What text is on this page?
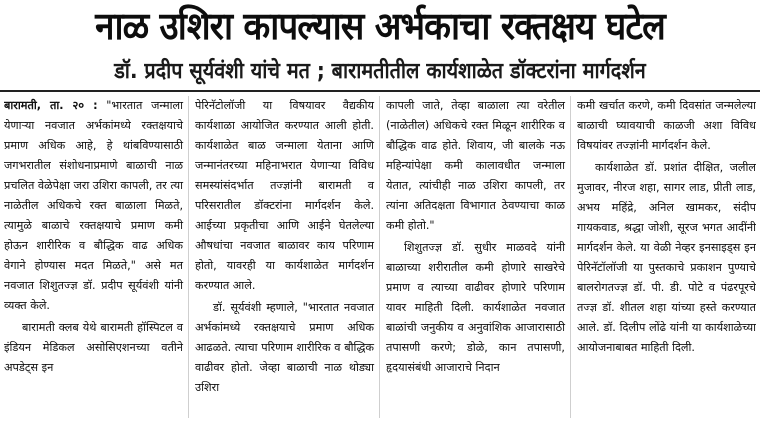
नाळ उशिरा कापल्यास अर्भकाचा रक्तक्षय घटेल
डॉ. प्रदीप सूर्यवंशी यांचे मत ; बारामतीतील कार्यशाळेत डॉक्टरांना मार्गदर्शन

बारामती, ता. २० : "भारतात जन्माला येणाऱ्या नवजात अर्भकांमध्ये रक्तक्षयाचे प्रमाण अधिक आहे, हे थांबविण्यासाठी जगभरातील संशोधनाप्रमाणे बाळाची नाळ प्रचलित वेळेपेक्षा जरा उशिरा कापली, तर त्या नाळेतील अधिकचे रक्त बाळाला मिळते, त्यामुळे बाळाचे रक्तक्षयाचे प्रमाण कमी होऊन शारीरिक व बौद्धिक वाढ अधिक वेगाने होण्यास मदत मिळते," असे मत नवजात शिशुतज्ज्ञ डॉ. प्रदीप सूर्यवंशी यांनी व्यक्त केले.

बारामती क्लब येथे बारामती हॉस्पिटल व इंडियन मेडिकल असोसिएशनच्या वतीने अपडेट्स इन

पेरिनॅटोलॉजी या विषयावर वैद्यकीय कार्यशाळा आयोजित करण्यात आली होती. कार्यशाळेत बाळ जन्माला येताना आणि जन्मानंतरच्या महिनाभरात येणाऱ्या विविध समस्यांसंदर्भात तज्ज्ञांनी बारामती व परिसरातील डॉक्टरांना मार्गदर्शन केले. आईच्या प्रकृतीचा आणि आईने घेतलेल्या औषधांचा नवजात बाळावर काय परिणाम होतो, यावरही या कार्यशाळेत मार्गदर्शन करण्यात आले.

डॉ. सूर्यवंशी म्हणाले, "भारतात नवजात अर्भकांमध्ये रक्तक्षयाचे प्रमाण अधिक आढळते. त्याचा परिणाम शारीरिक व बौद्धिक वाढीवर होतो. जेव्हा बाळाची नाळ थोड्या उशिरा

कापली जाते, तेव्हा बाळाला त्या वरेतील (नाळेतील) अधिकचे रक्त मिळून शारीरिक व बौद्धिक वाढ होते. शिवाय, जी बालके नऊ महिन्यांपेक्षा कमी कालावधीत जन्माला येतात, त्यांचीही नाळ उशिरा कापली, तर त्यांना अतिदक्षता विभागात ठेवण्याचा काळ कमी होतो."

शिशुतज्ज्ञ डॉ. सुधीर माळवदे यांनी बाळाच्या शरीरातील कमी होणारे साखरेचे प्रमाण व त्याच्या वाढीवर होणारे परिणाम यावर माहिती दिली. कार्यशाळेत नवजात बाळांची जनुकीय व अनुवांशिक आजारासाठी तपासणी करणे; डोळे, कान तपासणी, हृदयासंबंधी आजाराचे निदान

कमी खर्चात करणे, कमी दिवसांत जन्मलेल्या बाळाची घ्यावयाची काळजी अशा विविध विषयांवर तज्ज्ञांनी मार्गदर्शन केले.

कार्यशाळेत डॉ. प्रशांत दीक्षित, जलील मुजावर, नीरज शहा, सागर लाड, प्रीती लाड, अभय महिंद्रे, अनिल खामकर, संदीप गायकवाड, श्रद्धा जोशी, सूरज भगत आदींनी मार्गदर्शन केले. या वेळी नेव्हर इनसाइड्स इन पेरिनॅटॉलॉजी या पुस्तकाचे प्रकाशन पुण्याचे बालरोगतज्ज्ञ डॉ. पी. डी. पोटे व पंढरपूरचे तज्ज्ञ डॉ. शीतल शहा यांच्या हस्ते करण्यात आले. डॉ. दिलीप लोंढे यांनी या कार्यशाळेच्या आयोजनाबाबत माहिती दिली.
